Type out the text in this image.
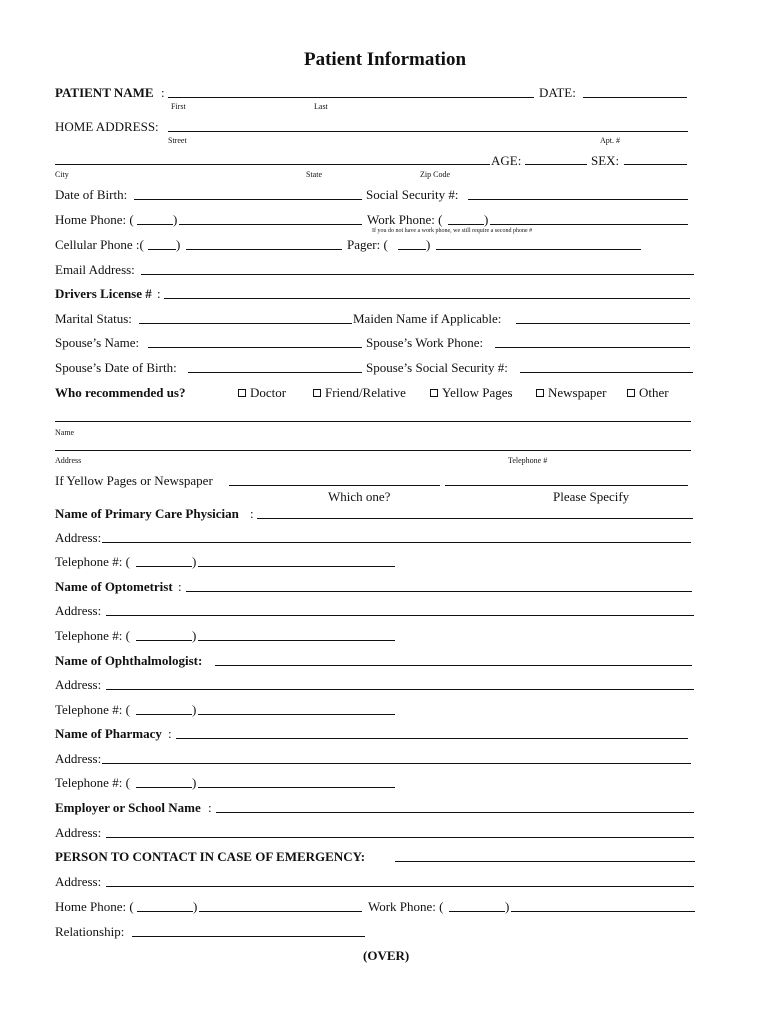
Patient Information
PATIENT NAME :	DATE:
First	Last
HOME ADDRESS:
Street	Apt. #
AGE:	SEX:
City	State	Zip Code
Date of Birth:	Social Security #:
Home Phone: (	)	Work Phone: (	)
If you do not have a work phone, we still require a second phone #
Cellular Phone :( )	Pager: (	)
Email Address:
Drivers License # :
Marital Status:	Maiden Name if Applicable:
Spouse’s Name:	Spouse’s Work Phone:
Spouse’s Date of Birth:	Spouse’s Social Security #:
Who recommended us?	Doctor	Friend/Relative	Yellow Pages	Newspaper	Other
Name
Address	Telephone #
If Yellow Pages or Newspaper
Which one?	Please Specify
Name of Primary Care Physician :
Address:
Telephone #: (	)
Name of Optometrist :
Address:
Telephone #: (	)
Name of Ophthalmologist:
Address:
Telephone #: (	)
Name of Pharmacy :
Address:
Telephone #: (	)
Employer or School Name :
Address:
PERSON TO CONTACT IN CASE OF EMERGENCY:
Address:
Home Phone: (	)	Work Phone: (	)
Relationship:
(OVER)
